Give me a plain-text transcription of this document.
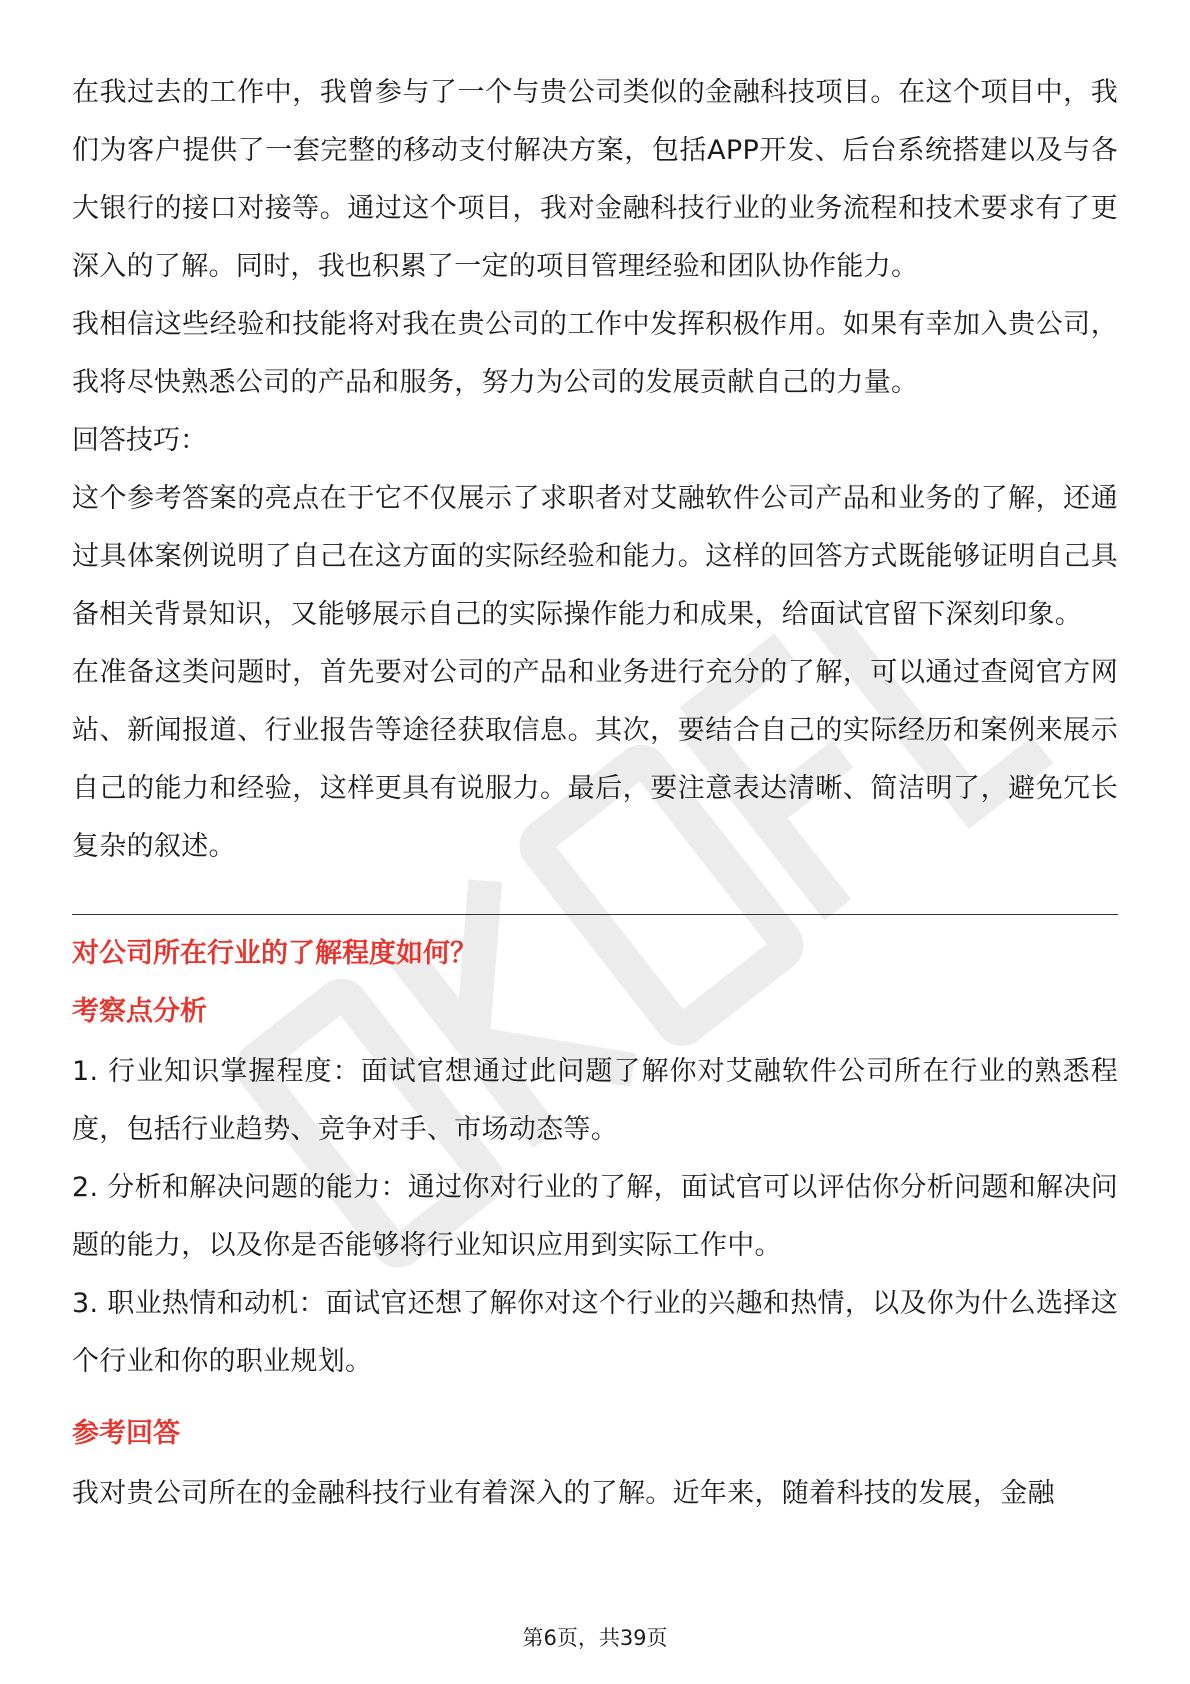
在我过去的工作中，我曾参与了一个与贵公司类似的金融科技项目。在这个项目中，我们为客户提供了一套完整的移动支付解决方案，包括APP开发、后台系统搭建以及与各大银行的接口对接等。通过这个项目，我对金融科技行业的业务流程和技术要求有了更深入的了解。同时，我也积累了一定的项目管理经验和团队协作能力。

我相信这些经验和技能将对我在贵公司的工作中发挥积极作用。如果有幸加入贵公司，我将尽快熟悉公司的产品和服务，努力为公司的发展贡献自己的力量。

回答技巧：

这个参考答案的亮点在于它不仅展示了求职者对艾融软件公司产品和业务的了解，还通过具体案例说明了自己在这方面的实际经验和能力。这样的回答方式既能够证明自己具备相关背景知识，又能够展示自己的实际操作能力和成果，给面试官留下深刻印象。

在准备这类问题时，首先要对公司的产品和业务进行充分的了解，可以通过查阅官方网站、新闻报道、行业报告等途径获取信息。其次，要结合自己的实际经历和案例来展示自己的能力和经验，这样更具有说服力。最后，要注意表达清晰、简洁明了，避免冗长复杂的叙述。

对公司所在行业的了解程度如何？
考察点分析

1. 行业知识掌握程度：面试官想通过此问题了解你对艾融软件公司所在行业的熟悉程度，包括行业趋势、竞争对手、市场动态等。

2. 分析和解决问题的能力：通过你对行业的了解，面试官可以评估你分析问题和解决问题的能力，以及你是否能够将行业知识应用到实际工作中。

3. 职业热情和动机：面试官还想了解你对这个行业的兴趣和热情，以及你为什么选择这个行业和你的职业规划。

参考回答

我对贵公司所在的金融科技行业有着深入的了解。近年来，随着科技的发展，金融

第6页，共39页
